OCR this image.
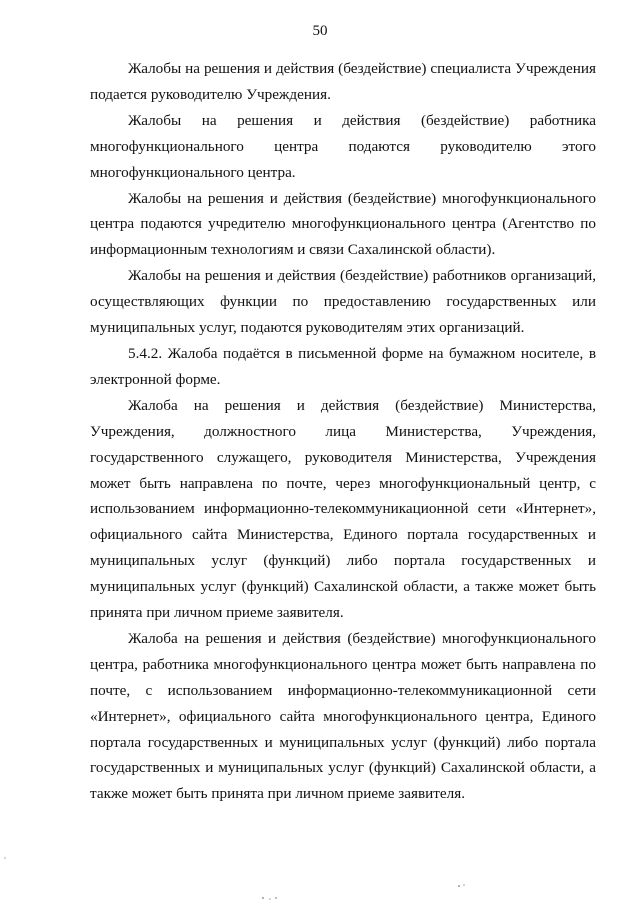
50

Жалобы на решения и действия (бездействие) специалиста Учреждения подается руководителю Учреждения.

Жалобы на решения и действия (бездействие) работника многофункционального центра подаются руководителю этого многофункционального центра.

Жалобы на решения и действия (бездействие) многофункционального центра подаются учредителю многофункционального центра (Агентство по информационным технологиям и связи Сахалинской области).

Жалобы на решения и действия (бездействие) работников организаций, осуществляющих функции по предоставлению государственных или муниципальных услуг, подаются руководителям этих организаций.

5.4.2. Жалоба подаётся в письменной форме на бумажном носителе, в электронной форме.

Жалоба на решения и действия (бездействие) Министерства, Учреждения, должностного лица Министерства, Учреждения, государственного служащего, руководителя Министерства, Учреждения может быть направлена по почте, через многофункциональный центр, с использованием информационно-телекоммуникационной сети «Интернет», официального сайта Министерства, Единого портала государственных и муниципальных услуг (функций) либо портала государственных и муниципальных услуг (функций) Сахалинской области, а также может быть принята при личном приеме заявителя.

Жалоба на решения и действия (бездействие) многофункционального центра, работника многофункционального центра может быть направлена по почте, с использованием информационно-телекоммуникационной сети «Интернет», официального сайта многофункционального центра, Единого портала государственных и муниципальных услуг (функций) либо портала государственных и муниципальных услуг (функций) Сахалинской области, а также может быть принята при личном приеме заявителя.
